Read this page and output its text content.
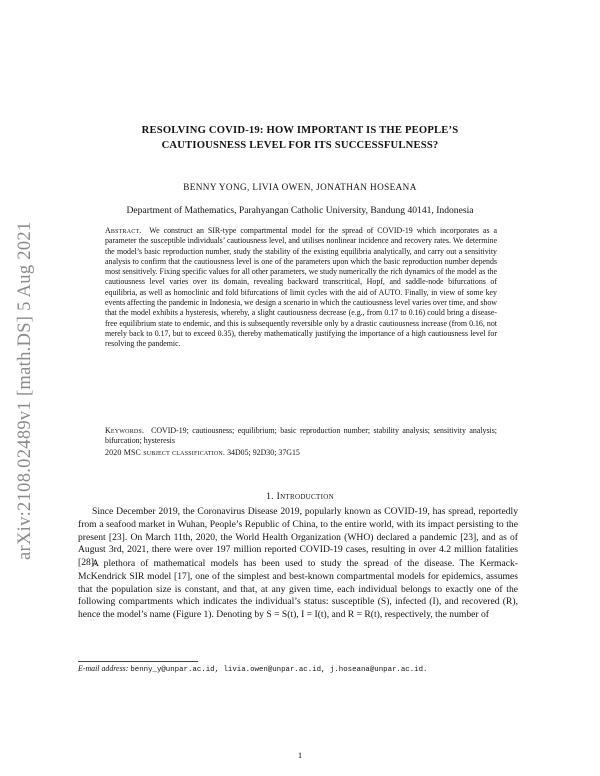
arXiv:2108.02489v1 [math.DS] 5 Aug 2021
RESOLVING COVID-19: HOW IMPORTANT IS THE PEOPLE’S
CAUTIOUSNESS LEVEL FOR ITS SUCCESSFULNESS?
BENNY YONG, LIVIA OWEN, JONATHAN HOSEANA
Department of Mathematics, Parahyangan Catholic University, Bandung 40141, Indonesia

Abstract. We construct an SIR-type compartmental model for the spread of COVID-19 which incorporates as a parameter the susceptible individuals’ cautiousness level, and utilises nonlinear incidence and recovery rates. We determine the model’s basic reproduction number, study the stability of the existing equilibria analytically, and carry out a sensitivity analysis to confirm that the cautiousness level is one of the parameters upon which the basic reproduction number depends most sensitively. Fixing specific values for all other parameters, we study numerically the rich dynamics of the model as the cautiousness level varies over its domain, revealing backward transcritical, Hopf, and saddle-node bifurcations of equilibria, as well as homoclinic and fold bifurcations of limit cycles with the aid of AUTO. Finally, in view of some key events affecting the pandemic in Indonesia, we design a scenario in which the cautiousness level varies over time, and show that the model exhibits a hysteresis, whereby, a slight cautiousness decrease (e.g., from 0.17 to 0.16) could bring a disease-free equilibrium state to endemic, and this is subsequently reversible only by a drastic cautiousness increase (from 0.16, not merely back to 0.17, but to exceed 0.35), thereby mathematically justifying the importance of a high cautiousness level for resolving the pandemic.

Keywords. COVID-19; cautiousness; equilibrium; basic reproduction number; stability analysis; sensitivity analysis; bifurcation; hysteresis

2020 MSC subject classification. 34D05; 92D30; 37G15

1. Introduction

Since December 2019, the Coronavirus Disease 2019, popularly known as COVID-19, has spread, reportedly from a seafood market in Wuhan, People’s Republic of China, to the entire world, with its impact persisting to the present [23]. On March 11th, 2020, the World Health Organization (WHO) declared a pandemic [23], and as of August 3rd, 2021, there were over 197 million reported COVID-19 cases, resulting in over 4.2 million fatalities [28].

A plethora of mathematical models has been used to study the spread of the disease. The Kermack-McKendrick SIR model [17], one of the simplest and best-known compartmental models for epidemics, assumes that the population size is constant, and that, at any given time, each individual belongs to exactly one of the following compartments which indicates the individual’s status: susceptible (S), infected (I), and recovered (R), hence the model’s name (Figure 1). Denoting by S = S(t), I = I(t), and R = R(t), respectively, the number of

E-mail address: benny_y@unpar.ac.id, livia.owen@unpar.ac.id, j.hoseana@unpar.ac.id.
1
